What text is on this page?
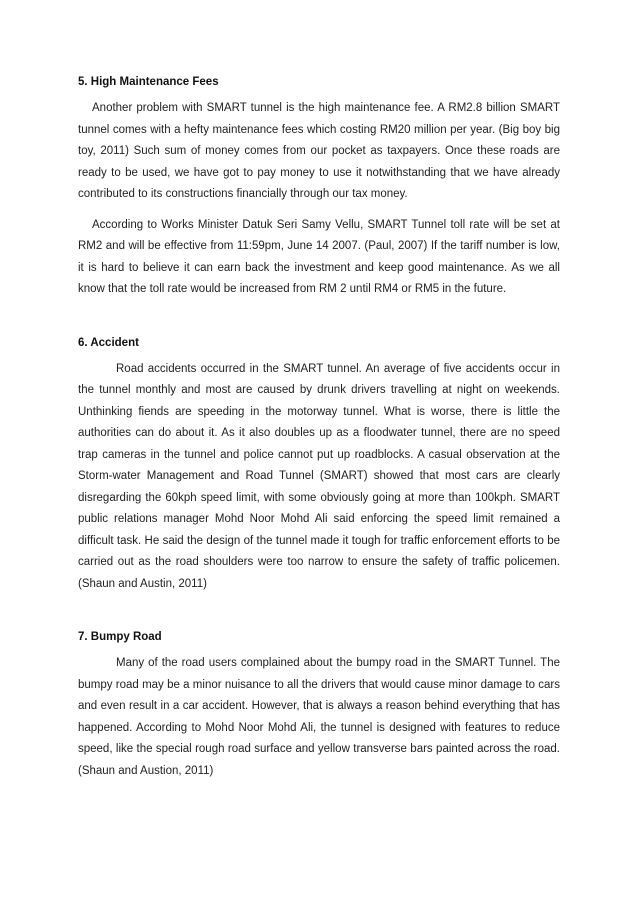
5. High Maintenance Fees

Another problem with SMART tunnel is the high maintenance fee. A RM2.8 billion SMART tunnel comes with a hefty maintenance fees which costing RM20 million per year. (Big boy big toy, 2011) Such sum of money comes from our pocket as taxpayers. Once these roads are ready to be used, we have got to pay money to use it notwithstanding that we have already contributed to its constructions financially through our tax money.

According to Works Minister Datuk Seri Samy Vellu, SMART Tunnel toll rate will be set at RM2 and will be effective from 11:59pm, June 14 2007. (Paul, 2007) If the tariff number is low, it is hard to believe it can earn back the investment and keep good maintenance. As we all know that the toll rate would be increased from RM 2 until RM4 or RM5 in the future.

6. Accident

Road accidents occurred in the SMART tunnel. An average of five accidents occur in the tunnel monthly and most are caused by drunk drivers travelling at night on weekends. Unthinking fiends are speeding in the motorway tunnel. What is worse, there is little the authorities can do about it. As it also doubles up as a floodwater tunnel, there are no speed trap cameras in the tunnel and police cannot put up roadblocks. A casual observation at the Storm-water Management and Road Tunnel (SMART) showed that most cars are clearly disregarding the 60kph speed limit, with some obviously going at more than 100kph. SMART public relations manager Mohd Noor Mohd Ali said enforcing the speed limit remained a difficult task. He said the design of the tunnel made it tough for traffic enforcement efforts to be carried out as the road shoulders were too narrow to ensure the safety of traffic policemen. (Shaun and Austin, 2011)

7. Bumpy Road

Many of the road users complained about the bumpy road in the SMART Tunnel. The bumpy road may be a minor nuisance to all the drivers that would cause minor damage to cars and even result in a car accident. However, that is always a reason behind everything that has happened. According to Mohd Noor Mohd Ali, the tunnel is designed with features to reduce speed, like the special rough road surface and yellow transverse bars painted across the road. (Shaun and Austion, 2011)
